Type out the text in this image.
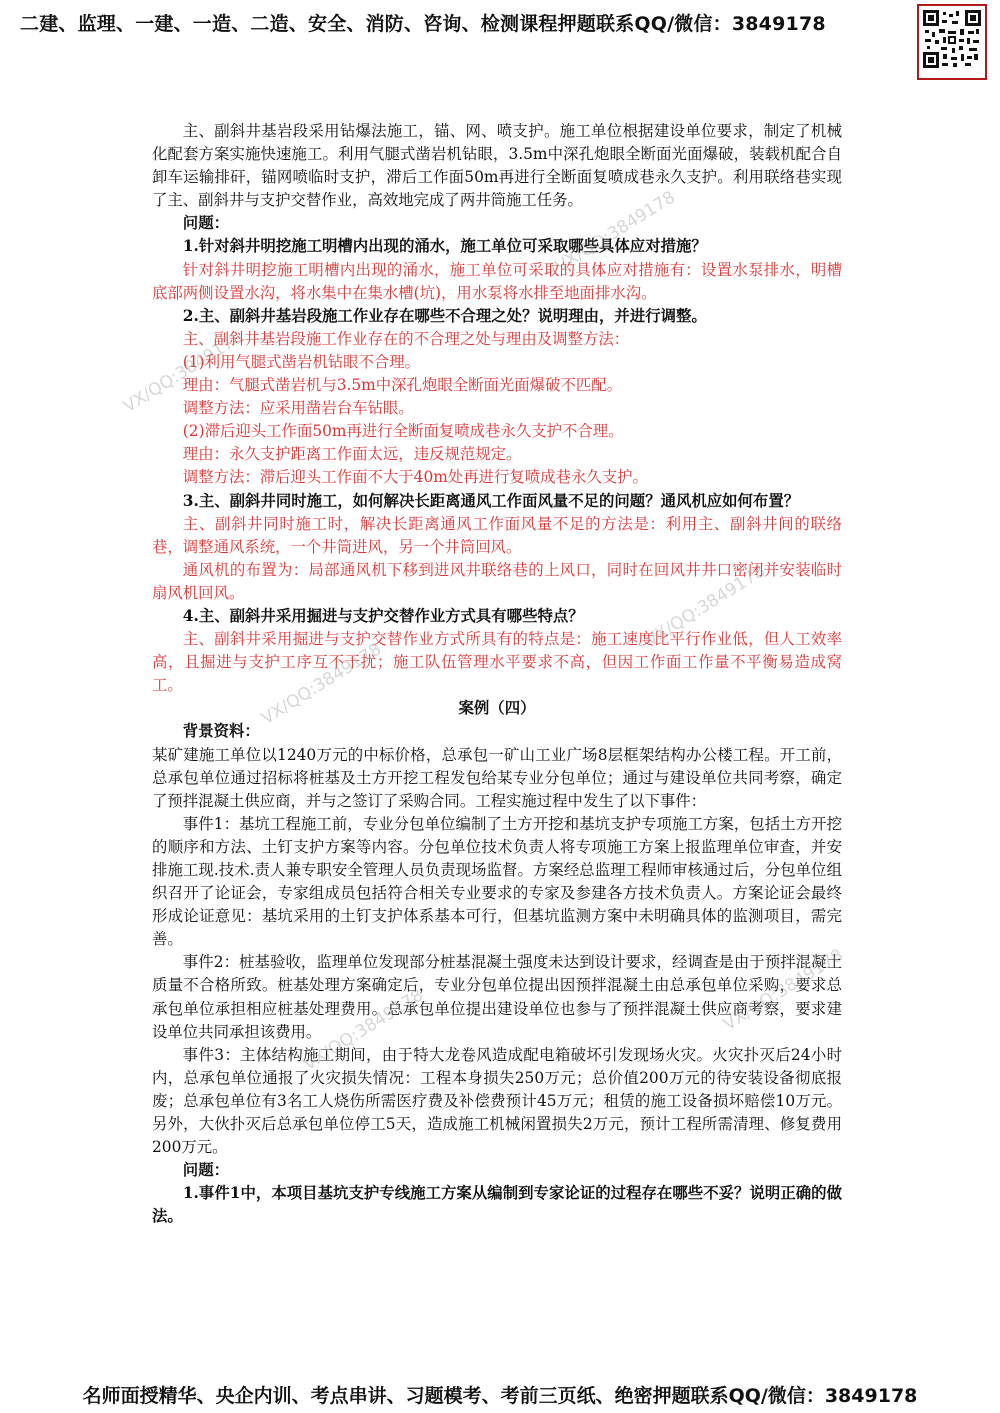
二建、监理、一建、一造、二造、安全、消防、咨询、检测课程押题联系QQ/微信：3849178

主、副斜井基岩段采用钻爆法施工，锚、网、喷支护。施工单位根据建设单位要求，制定了机械化配套方案实施快速施工。利用气腿式凿岩机钻眼，3.5m中深孔炮眼全断面光面爆破，装载机配合自卸车运输排矸，锚网喷临时支护，滞后工作面50m再进行全断面复喷成巷永久支护。利用联络巷实现了主、副斜井与支护交替作业，高效地完成了两井筒施工任务。

问题：

1.针对斜井明挖施工明槽内出现的涌水，施工单位可采取哪些具体应对措施？

针对斜井明挖施工明槽内出现的涌水，施工单位可采取的具体应对措施有：设置水泵排水，明槽底部两侧设置水沟，将水集中在集水槽(坑)，用水泵将水排至地面排水沟。

2.主、副斜井基岩段施工作业存在哪些不合理之处？说明理由，并进行调整。

主、副斜井基岩段施工作业存在的不合理之处与理由及调整方法：

(1)利用气腿式凿岩机钻眼不合理。

理由：气腿式凿岩机与3.5m中深孔炮眼全断面光面爆破不匹配。

调整方法：应采用凿岩台车钻眼。

(2)滞后迎头工作面50m再进行全断面复喷成巷永久支护不合理。

理由：永久支护距离工作面太远，违反规范规定。

调整方法：滞后迎头工作面不大于40m处再进行复喷成巷永久支护。

3.主、副斜井同时施工，如何解决长距离通风工作面风量不足的问题？通风机应如何布置？

主、副斜井同时施工时，解决长距离通风工作面风量不足的方法是：利用主、副斜井间的联络巷，调整通风系统，一个井筒进风，另一个井筒回风。

通风机的布置为：局部通风机下移到进风井联络巷的上风口，同时在回风井井口密闭并安装临时扇风机回风。

4.主、副斜井采用掘进与支护交替作业方式具有哪些特点？

主、副斜井采用掘进与支护交替作业方式所具有的特点是：施工速度比平行作业低，但人工效率高，且掘进与支护工序互不干扰；施工队伍管理水平要求不高，但因工作面工作量不平衡易造成窝工。

案例（四）

背景资料：

某矿建施工单位以1240万元的中标价格，总承包一矿山工业广场8层框架结构办公楼工程。开工前，总承包单位通过招标将桩基及土方开挖工程发包给某专业分包单位；通过与建设单位共同考察，确定了预拌混凝土供应商，并与之签订了采购合同。工程实施过程中发生了以下事件：

事件1：基坑工程施工前，专业分包单位编制了土方开挖和基坑支护专项施工方案，包括土方开挖的顺序和方法、土钉支护方案等内容。分包单位技术负责人将专项施工方案上报监理单位审查，并安排施工现.技术.责人兼专职安全管理人员负责现场监督。方案经总监理工程师审核通过后，分包单位组织召开了论证会，专家组成员包括符合相关专业要求的专家及参建各方技术负责人。方案论证会最终形成论证意见：基坑采用的土钉支护体系基本可行，但基坑监测方案中未明确具体的监测项目，需完善。

事件2：桩基验收，监理单位发现部分桩基混凝土强度未达到设计要求，经调查是由于预拌混凝土质量不合格所致。桩基处理方案确定后，专业分包单位提出因预拌混凝土由总承包单位采购，要求总承包单位承担相应桩基处理费用。总承包单位提出建设单位也参与了预拌混凝土供应商考察，要求建设单位共同承担该费用。

事件3：主体结构施工期间，由于特大龙卷风造成配电箱破坏引发现场火灾。火灾扑灭后24小时内，总承包单位通报了火灾损失情况：工程本身损失250万元；总价值200万元的待安装设备彻底报废；总承包单位有3名工人烧伤所需医疗费及补偿费预计45万元；租赁的施工设备损坏赔偿10万元。另外，大伙扑灭后总承包单位停工5天，造成施工机械闲置损失2万元，预计工程所需清理、修复费用200万元。

问题：

1.事件1中，本项目基坑支护专线施工方案从编制到专家论证的过程存在哪些不妥？说明正确的做法。

VX/QQ:3849178
VX/QQ:3849178
VX/QQ:3849178
VX/QQ:3849178
VX/QQ:3849178
VX/QQ:3849178
名师面授精华、央企内训、考点串讲、习题模考、考前三页纸、绝密押题联系QQ/微信：3849178
